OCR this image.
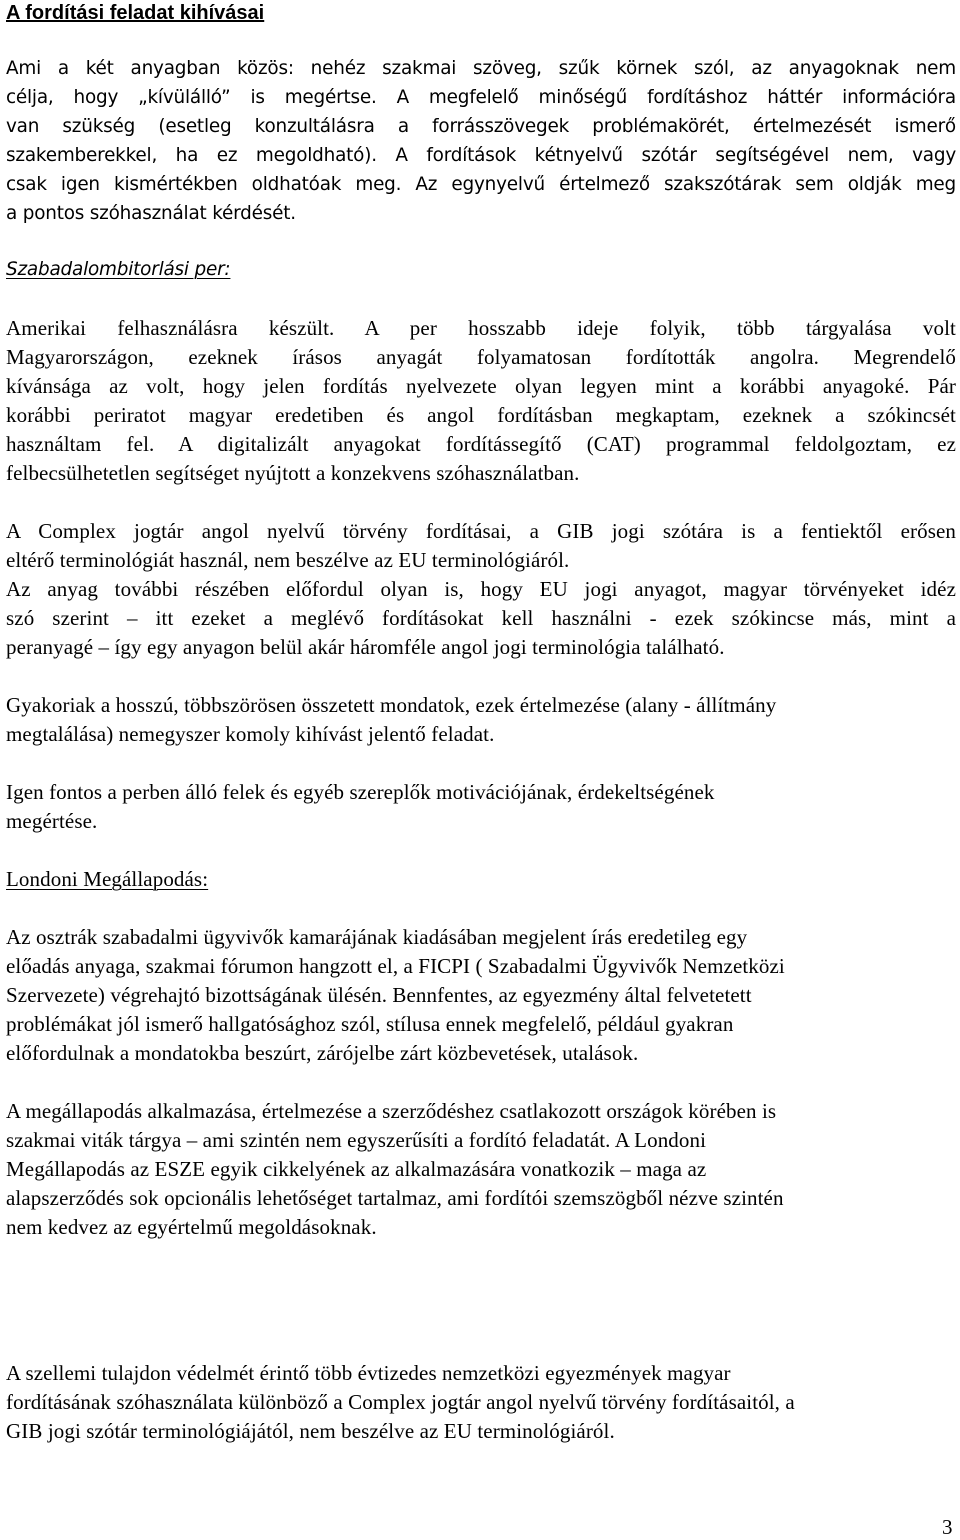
A fordítási feladat kihívásai
Ami a két anyagban közös: nehéz szakmai szöveg, szűk körnek szól, az anyagoknak nem
célja, hogy „kívülálló” is megértse. A megfelelő minőségű fordításhoz háttér információra
van szükség (esetleg konzultálásra a forrásszövegek problémakörét, értelmezését ismerő
szakemberekkel, ha ez megoldható). A fordítások kétnyelvű szótár segítségével nem, vagy
csak igen kismértékben oldhatóak meg. Az egynyelvű értelmező szakszótárak sem oldják meg
a pontos szóhasználat kérdését.
Szabadalombitorlási per:
Amerikai felhasználásra készült. A per hosszabb ideje folyik, több tárgyalása volt
Magyarországon, ezeknek írásos anyagát folyamatosan fordították angolra. Megrendelő
kívánsága az volt, hogy jelen fordítás nyelvezete olyan legyen mint a korábbi anyagoké. Pár
korábbi periratot magyar eredetiben és angol fordításban megkaptam, ezeknek a szókincsét
használtam fel. A digitalizált anyagokat fordítássegítő (CAT) programmal feldolgoztam, ez
felbecsülhetetlen segítséget nyújtott a konzekvens szóhasználatban.
A Complex jogtár angol nyelvű törvény fordításai, a GIB jogi szótára is a fentiektől erősen
eltérő terminológiát használ, nem beszélve az EU terminológiáról.
Az anyag további részében előfordul olyan is, hogy EU jogi anyagot, magyar törvényeket idéz
szó szerint – itt ezeket a meglévő fordításokat kell használni - ezek szókincse más, mint a
peranyagé – így egy anyagon belül akár háromféle angol jogi terminológia található.
Gyakoriak a hosszú, többszörösen összetett mondatok, ezek értelmezése (alany - állítmány
megtalálása) nemegyszer komoly kihívást jelentő feladat.
Igen fontos a perben álló felek és egyéb szereplők motivációjának, érdekeltségének
megértése.
Londoni Megállapodás:
Az osztrák szabadalmi ügyvivők kamarájának kiadásában megjelent írás eredetileg egy
előadás anyaga, szakmai fórumon hangzott el, a FICPI ( Szabadalmi Ügyvivők Nemzetközi
Szervezete) végrehajtó bizottságának ülésén. Bennfentes, az egyezmény által felvetetett
problémákat jól ismerő hallgatósághoz szól, stílusa ennek megfelelő, például gyakran
előfordulnak a mondatokba beszúrt, zárójelbe zárt közbevetések, utalások.
A megállapodás alkalmazása, értelmezése a szerződéshez csatlakozott országok körében is
szakmai viták tárgya – ami szintén nem egyszerűsíti a fordító feladatát. A Londoni
Megállapodás az ESZE egyik cikkelyének az alkalmazására vonatkozik – maga az
alapszerződés sok opcionális lehetőséget tartalmaz, ami fordítói szemszögből nézve szintén
nem kedvez az egyértelmű megoldásoknak.
A szellemi tulajdon védelmét érintő több évtizedes nemzetközi egyezmények magyar
fordításának szóhasználata különböző a Complex jogtár angol nyelvű törvény fordításaitól, a
GIB jogi szótár terminológiájától, nem beszélve az EU terminológiáról.
3
